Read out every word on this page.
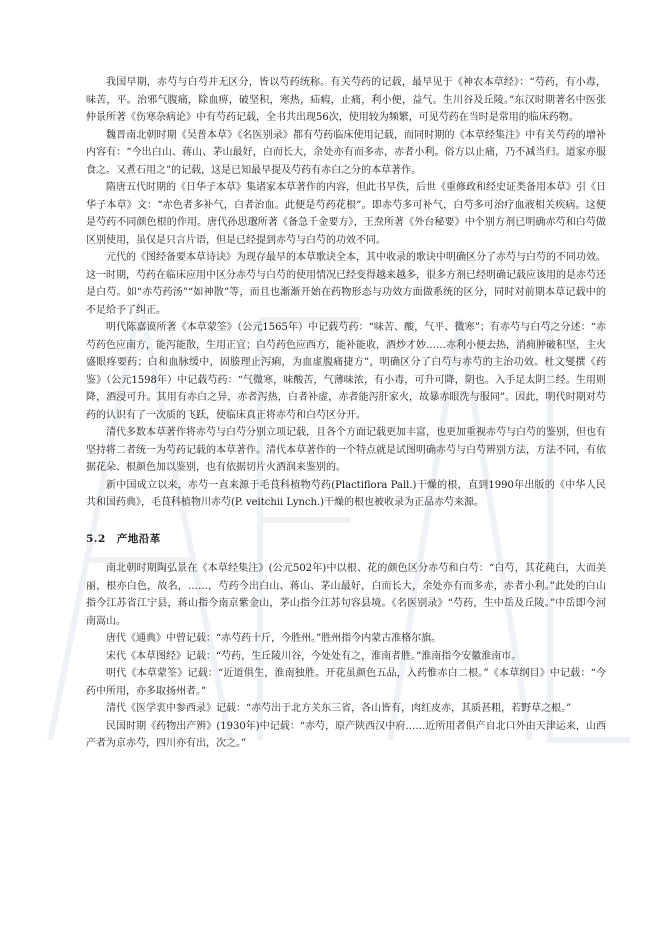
我国早期，赤芍与白芍并无区分，皆以芍药统称。有关芍药的记载，最早见于《神农本草经》：“芍药，有小毒，味苦，平。治邪气腹痛，除血痹，破坚积，寒热，疝瘕，止痛，利小便，益气。生川谷及丘陵。”东汉时期著名中医张仲景所著《伤寒杂病论》中有芍药记载，全书共出现56次，使用较为频繁，可见芍药在当时是常用的临床药物。

魏晋南北朝时期《吴普本草》《名医别录》都有芍药临床使用记载，而同时期的《本草经集注》中有关芍药的增补内容有：“今出白山、蒋山、茅山最好，白而长大，余处亦有而多赤，赤者小利。俗方以止痛，乃不减当归。道家亦服食之。又煮石用之”的记载，这是已知最早提及芍药有赤白之分的本草著作。

隋唐五代时期的《日华子本草》集诸家本草著作的内容，但此书早佚，后世《重修政和经史证类备用本草》引《日华子本草》文：“赤色者多补气，白者治血。此便是芍药花根”。即赤芍多可补气，白芍多可治疗血液相关疾病。这便是芍药不同颜色根的作用。唐代孙思邈所著《备急千金要方》，王焘所著《外台秘要》中个别方剂已明确赤芍和白芍做区别使用，虽仅是只言片语，但是已经提到赤芍与白芍的功效不同。

元代的《图经备要本草诗诀》为现存最早的本草歌诀全本，其中收录的歌诀中明确区分了赤芍与白芍的不同功效。这一时期，芍药在临床应用中区分赤芍与白芍的使用情况已经变得越来越多，很多方剂已经明确记载应该用的是赤芍还是白芍。如“赤芍药汤”“如神散”等，而且也渐渐开始在药物形态与功效方面做系统的区分，同时对前期本草记载中的不足给予了纠正。

明代陈嘉谟所著《本草蒙筌》（公元1565年）中记载芍药：“味苦、酸，气平、微寒”；有赤芍与白芍之分述：“赤芍药色应南方，能泻能散，生用正宜；白芍药色应西方，能补能收，酒炒才妙……赤利小便去热，消痈肿破积坚，主火盛眼疼要药；白和血脉缓中，固腠理止泻痢，为血虚腹痛捷方”，明确区分了白芍与赤芍的主治功效。杜文燮撰《药鉴》（公元1598年）中记载芍药：“气微寒，味酸苦，气薄味浓，有小毒，可升可降，阴也。入手足太阴二经。生用则降，酒浸可升。其用有赤白之异，赤者泻热，白者补虚，赤者能泻肝家火，故暴赤眼洗与服同”。因此，明代时期对芍药的认识有了一次质的飞跃，使临床真正将赤芍和白芍区分开。

清代多数本草著作将赤芍与白芍分别立项记载，且各个方面记载更加丰富，也更加重视赤芍与白芍的鉴别，但也有坚持将二者统一为芍药记载的本草著作。清代本草著作的一个特点就是试图明确赤芍与白芍辨别方法，方法不同，有依据花朵、根颜色加以鉴别，也有依据切片火酒润来鉴别的。

新中国成立以来，赤芍一直来源于毛茛科植物芍药(Plactiflora Pall.)干燥的根，直到1990年出版的《中华人民共和国药典》，毛茛科植物川赤芍(P. veitchii Lynch.)干燥的根也被收录为正品赤芍来源。

5.2　产地沿革

南北朝时期陶弘景在《本草经集注》(公元502年)中以根、花的颜色区分赤芍和白芍：“白芍，其花莼白，大而美丽，根亦白色，故名，……，芍药今出白山、蒋山、茅山最好，白而长大，余处亦有而多赤，赤者小利。”此处的白山指今江苏省江宁县，蒋山指今南京紫金山，茅山指今江苏句容县境。《名医别录》“芍药，生中岳及丘陵。”中岳即今河南嵩山。

唐代《通典》中曾记载：“赤芍药十斤，今胜州。”胜州指今内蒙古准格尔旗。

宋代《本草图经》记载：“芍药，生丘陵川谷，今处处有之，淮南者胜。”淮南指今安徽淮南市。

明代《本草蒙筌》记载：“近道俱生，淮南独胜。开花虽颜色五品，入药惟赤白二根。”《本草纲目》中记载：“今药中所用，亦多取扬州者。”

清代《医学衷中参西录》记载：“赤芍出于北方关东三省，各山皆有，肉红皮赤，其质甚粗，若野草之根。”

民国时期《药物出产辨》(1930年)中记载：“赤芍，原产陕西汉中府……近所用者俱产自北口外由天津运来，山西产者为京赤芍，四川亦有出，次之。”
